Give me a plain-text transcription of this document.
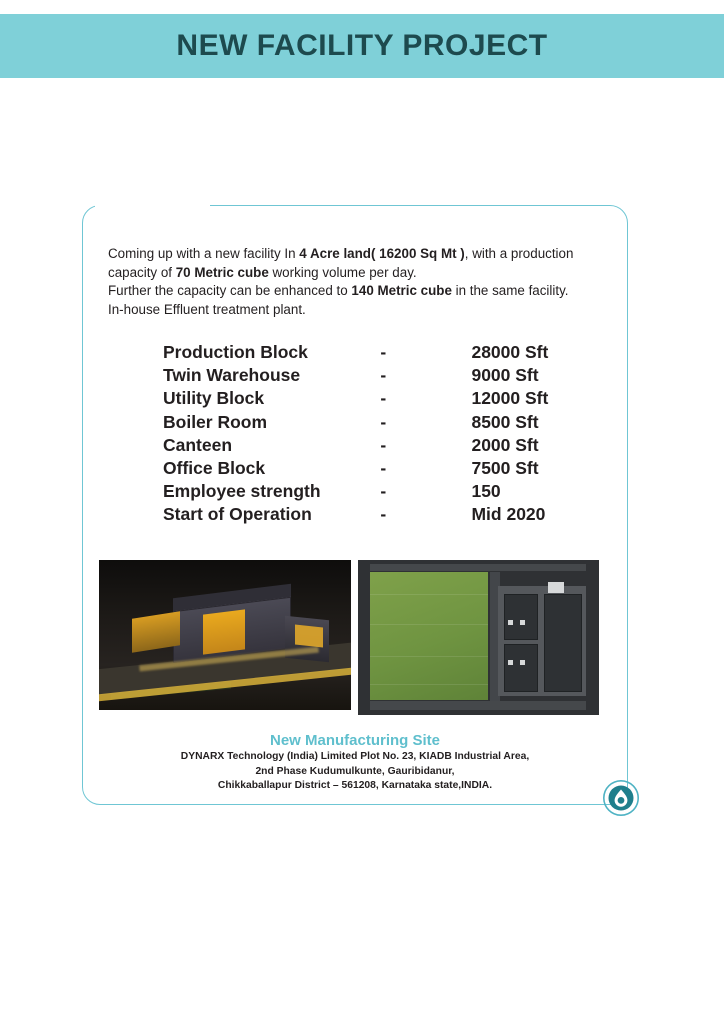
NEW FACILITY PROJECT
Coming up with a new facility In 4 Acre land( 16200 Sq Mt ), with a production capacity of 70 Metric cube working volume per day.
Further the capacity can be enhanced to 140 Metric cube in the same facility.
In-house Effluent treatment plant.
Production Block	-	28000 Sft
Twin Warehouse	-	9000 Sft
Utility Block	-	12000 Sft
Boiler Room	-	8500 Sft
Canteen	-	2000 Sft
Office Block	-	7500 Sft
Employee strength	-	150
Start of Operation	-	Mid 2020
New Manufacturing Site
DYNARX Technology (India) Limited Plot No. 23, KIADB Industrial Area,
2nd Phase Kudumulkunte, Gauribidanur,
Chikkaballapur District – 561208, Karnataka state,INDIA.
